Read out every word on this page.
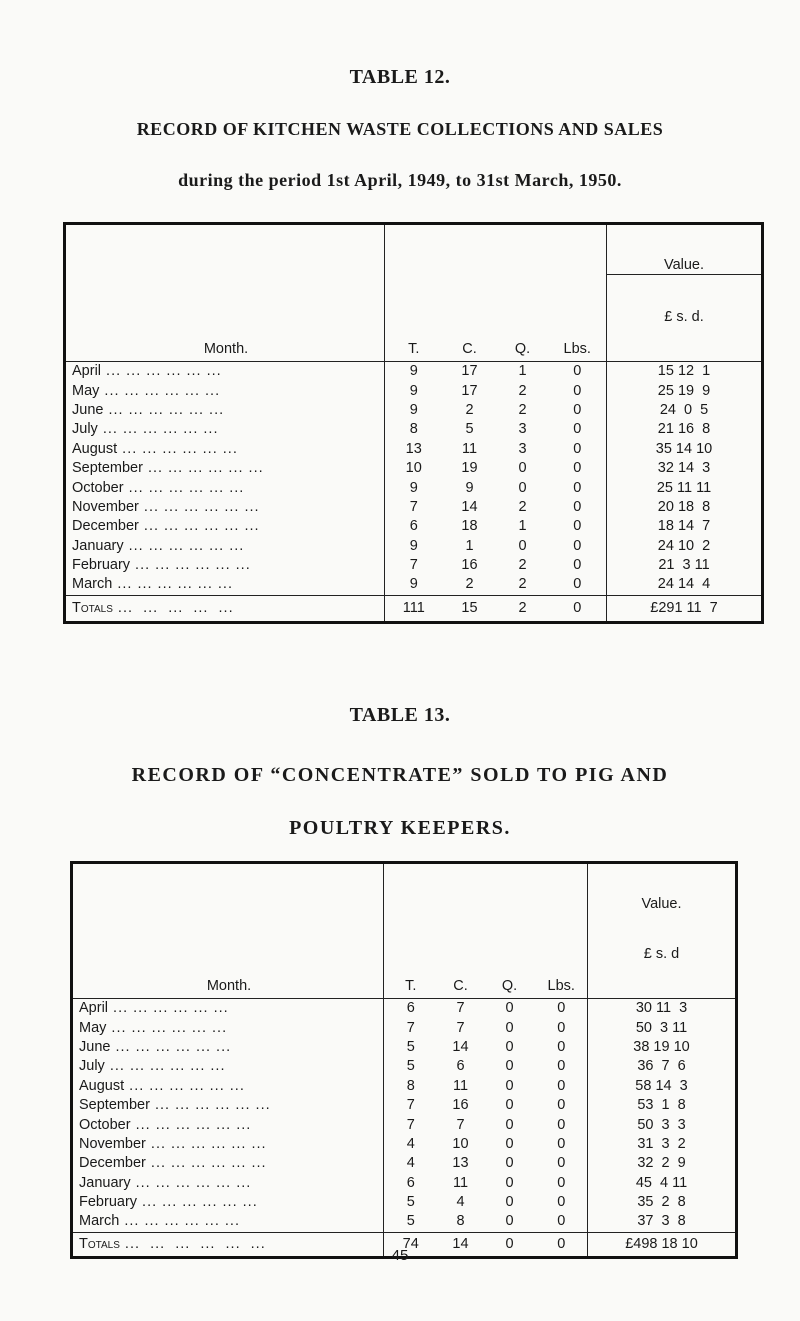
TABLE 12.
RECORD OF KITCHEN WASTE COLLECTIONS AND SALES
during the period 1st April, 1949, to 31st March, 1950.
Month.	T.	C.	Q.	Lbs.	Value.

£ s. d.

April ... ... ... ... ... ...	9	17	1	0	15 12  1
May ... ... ... ... ... ...	9	17	2	0	25 19  9
June ... ... ... ... ... ...	9	2	2	0	24  0  5
July ... ... ... ... ... ...	8	5	3	0	21 16  8
August ... ... ... ... ... ...	13	11	3	0	35 14 10
September ... ... ... ... ... ...	10	19	0	0	32 14  3
October ... ... ... ... ... ...	9	9	0	0	25 11 11
November ... ... ... ... ... ...	7	14	2	0	20 18  8
December ... ... ... ... ... ...	6	18	1	0	18 14  7
January ... ... ... ... ... ...	9	1	0	0	24 10  2
February ... ... ... ... ... ...	7	16	2	0	21  3 11
March ... ... ... ... ... ...	9	2	2	0	24 14  4
Totals ...  ...  ...  ...  ...	111	15	2	0	£291 11  7
TABLE 13.
RECORD OF “CONCENTRATE” SOLD TO PIG AND
POULTRY KEEPERS.
Month.	T.	C.	Q.	Lbs.	Value.

£ s. d

April ... ... ... ... ... ...	6	7	0	0	30 11  3
May ... ... ... ... ... ...	7	7	0	0	50  3 11
June ... ... ... ... ... ...	5	14	0	0	38 19 10
July ... ... ... ... ... ...	5	6	0	0	36  7  6
August ... ... ... ... ... ...	8	11	0	0	58 14  3
September ... ... ... ... ... ...	7	16	0	0	53  1  8
October ... ... ... ... ... ...	7	7	0	0	50  3  3
November ... ... ... ... ... ...	4	10	0	0	31  3  2
December ... ... ... ... ... ...	4	13	0	0	32  2  9
January ... ... ... ... ... ...	6	11	0	0	45  4 11
February ... ... ... ... ... ...	5	4	0	0	35  2  8
March ... ... ... ... ... ...	5	8	0	0	37  3  8
Totals ...  ...  ...  ...  ...  ...	74	14	0	0	£498 18 10
45
